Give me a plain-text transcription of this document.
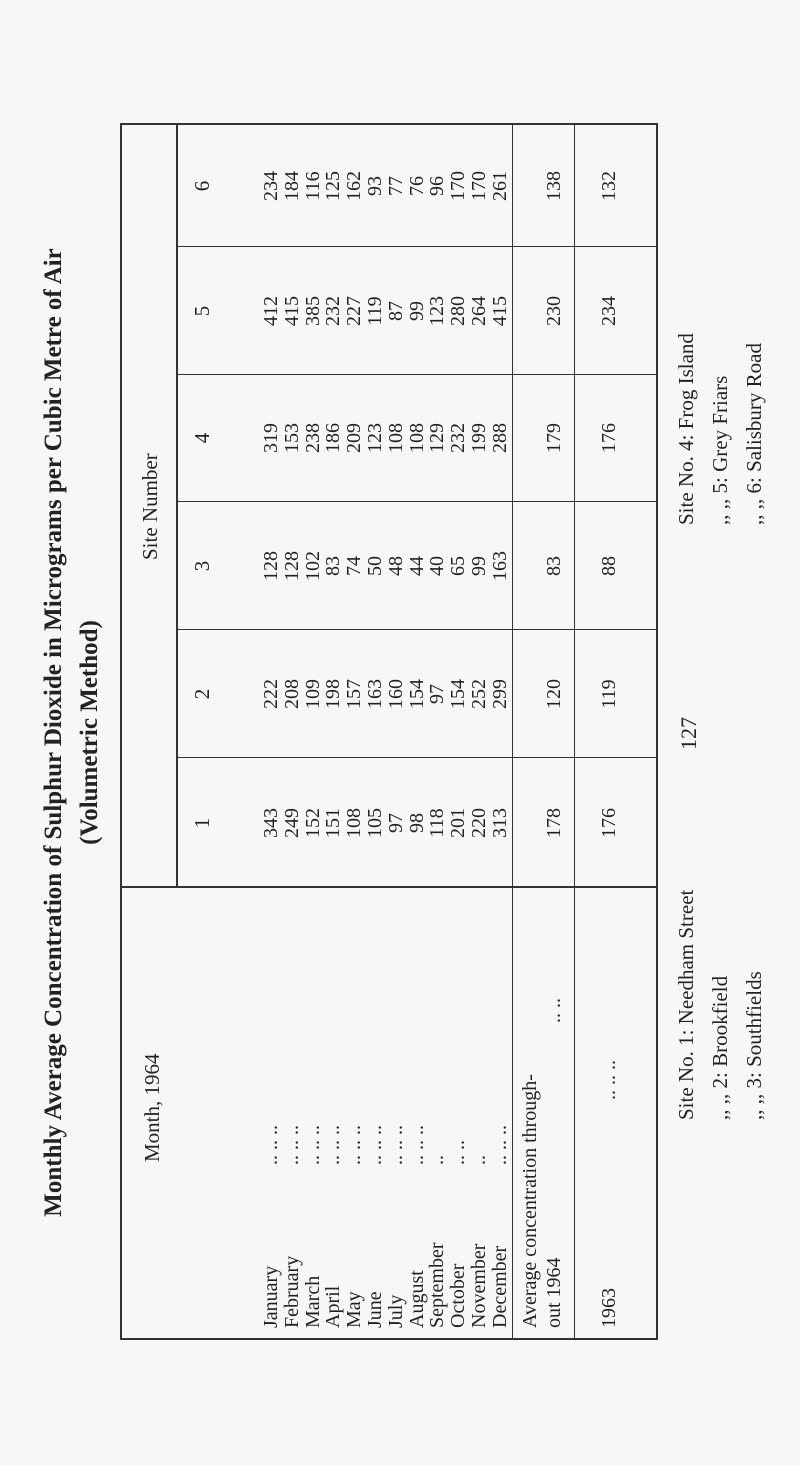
Monthly Average Concentration of Sulphur Dioxide in Micrograms per Cubic Metre of Air (Volumetric Method)
Month, 1964
Site Number
1
2
3
4
5
6
January
.. .. ..
343
222
128
319
412
234
February
.. .. ..
249
208
128
153
415
184
March
.. .. ..
152
109
102
238
385
116
April
.. .. ..
151
198
83
186
232
125
May
.. .. ..
108
157
74
209
227
162
June
.. .. ..
105
163
50
123
119
93
July
.. .. ..
97
160
48
108
87
77
August
.. .. ..
98
154
44
108
99
76
September
..
118
97
40
129
123
96
October
.. ..
201
154
65
232
280
170
November
..
220
252
99
199
264
170
December
.. .. ..
313
299
163
288
415
261
Average concentration through- out 1964
.. ..
178
120
83
179
230
138
1963
.. .. ..
176
119
88
176
234
132
127
Site No. 1: Needham Street ,, ,, 2: Brookfield ,, ,, 3: Southfields
Site No. 4: Frog Island ,, ,, 5: Grey Friars ,, ,, 6: Salisbury Road
